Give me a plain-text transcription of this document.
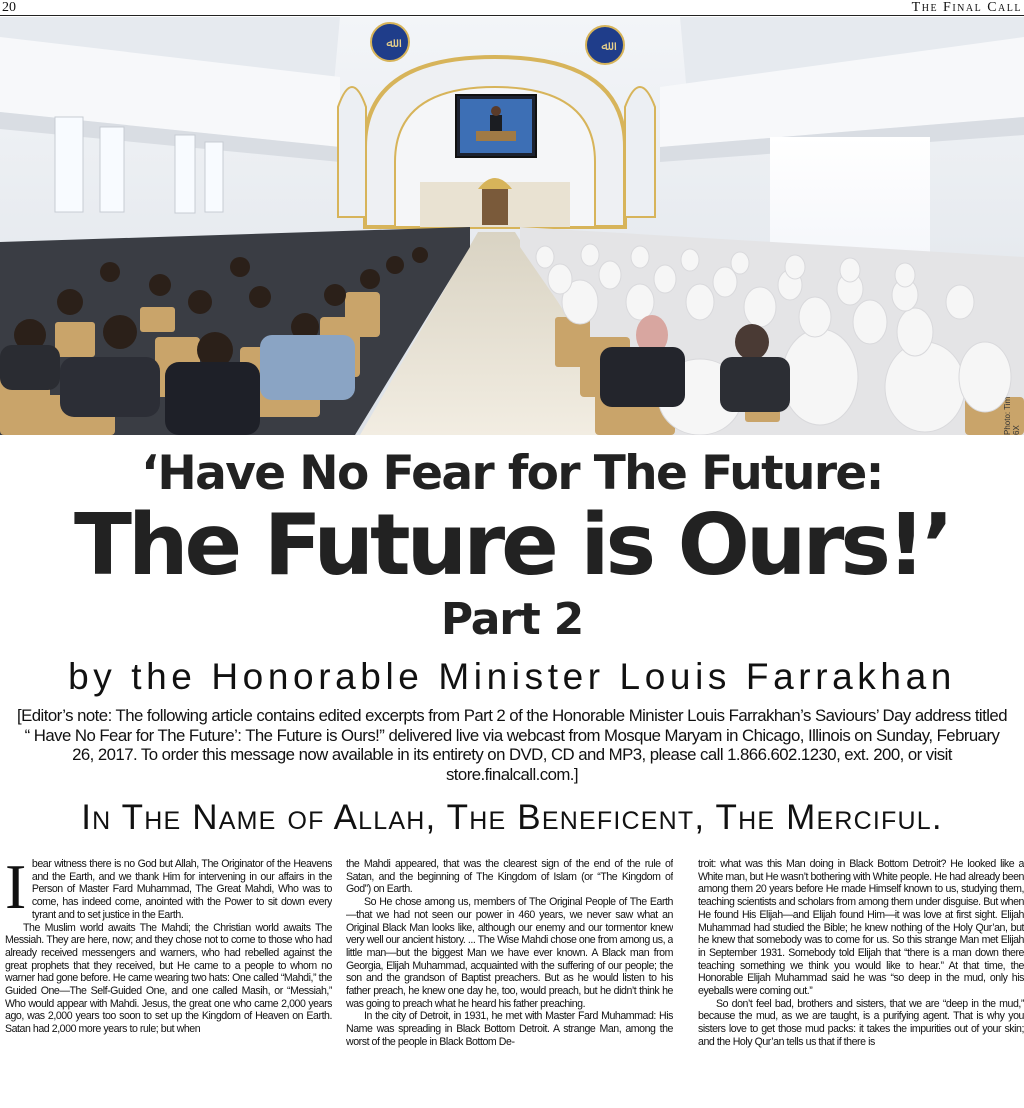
20	The Final Call
ﷲ	ﷲ
Photo: Tim 6X
‘Have No Fear for The Future:
The Future is Ours!’
Part 2
by the Honorable Minister Louis Farrakhan
[Editor’s note: The following article contains edited excerpts from Part 2 of the Honorable Minister Louis Farrakhan’s Saviours’ Day address titled “ Have No Fear for The Future’: The Future is Ours!” delivered live via webcast from Mosque Maryam in Chicago, Illinois on Sunday, February 26, 2017. To order this message now available in its entirety on DVD, CD and MP3, please call 1.866.602.1230, ext. 200, or visit store.finalcall.com.]
In The Name of Allah, The Beneficent, The Merciful.

Ibear witness there is no God but Allah, The Originator of the Heavens and the Earth, and we thank Him for intervening in our affairs in the Person of Master Fard Muhammad, The Great Mahdi, Who was to come, has indeed come, anointed with the Power to sit down every tyrant and to set justice in the Earth.

The Muslim world awaits The Mahdi; the Christian world awaits The Messiah. They are here, now; and they chose not to come to those who had already received messengers and warners, who had rebelled against the great prophets that they received, but He came to a people to whom no warner had gone before. He came wearing two hats: One called “Mahdi,” the Guided One—The Self-Guided One, and one called Masih, or “Messiah,” Who would appear with Mahdi. Jesus, the great one who came 2,000 years ago, was 2,000 years too soon to set up the Kingdom of Heaven on Earth. Satan had 2,000 more years to rule; but when

the Mahdi appeared, that was the clearest sign of the end of the rule of Satan, and the beginning of The Kingdom of Islam (or “The Kingdom of God”) on Earth.

So He chose among us, members of The Original People of The Earth—that we had not seen our power in 460 years, we never saw what an Original Black Man looks like, although our enemy and our tormentor knew very well our ancient history. ... The Wise Mahdi chose one from among us, a little man—but the biggest Man we have ever known. A Black man from Georgia, Elijah Muhammad, acquainted with the suffering of our people; the son and the grandson of Baptist preachers. But as he would listen to his father preach, he knew one day he, too, would preach, but he didn’t think he was going to preach what he heard his father preaching.

In the city of Detroit, in 1931, he met with Master Fard Muhammad: His Name was spreading in Black Bottom Detroit. A strange Man, among the worst of the people in Black Bottom De-

troit: what was this Man doing in Black Bottom Detroit? He looked like a White man, but He wasn’t bothering with White people. He had already been among them 20 years before He made Himself known to us, studying them, teaching scientists and scholars from among them under disguise. But when He found His Elijah—and Elijah found Him—it was love at first sight. Elijah Muhammad had studied the Bible; he knew nothing of the Holy Qur’an, but he knew that somebody was to come for us. So this strange Man met Elijah in September 1931. Somebody told Elijah that “there is a man down there teaching something we think you would like to hear.” At that time, the Honorable Elijah Muhammad said he was “so deep in the mud, only his eyeballs were coming out.”

So don’t feel bad, brothers and sisters, that we are “deep in the mud,” because the mud, as we are taught, is a purifying agent. That is why you sisters love to get those mud packs: it takes the impurities out of your skin; and the Holy Qur’an tells us that if there is
